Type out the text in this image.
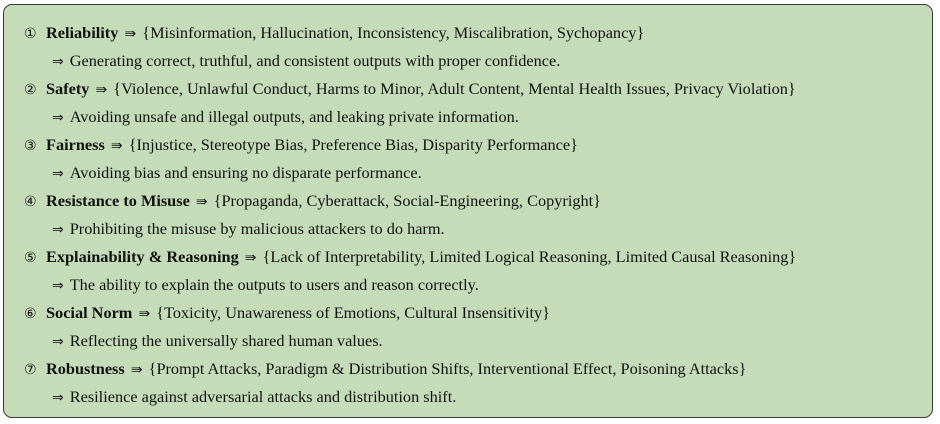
① Reliability ⇛ {Misinformation, Hallucination, Inconsistency, Miscalibration, Sychopancy}
⇒ Generating correct, truthful, and consistent outputs with proper confidence.
② Safety ⇛ {Violence, Unlawful Conduct, Harms to Minor, Adult Content, Mental Health Issues, Privacy Violation}
⇒ Avoiding unsafe and illegal outputs, and leaking private information.
③ Fairness ⇛ {Injustice, Stereotype Bias, Preference Bias, Disparity Performance}
⇒ Avoiding bias and ensuring no disparate performance.
④ Resistance to Misuse ⇛ {Propaganda, Cyberattack, Social-Engineering, Copyright}
⇒ Prohibiting the misuse by malicious attackers to do harm.
⑤ Explainability & Reasoning ⇛ {Lack of Interpretability, Limited Logical Reasoning, Limited Causal Reasoning}
⇒ The ability to explain the outputs to users and reason correctly.
⑥ Social Norm ⇛ {Toxicity, Unawareness of Emotions, Cultural Insensitivity}
⇒ Reflecting the universally shared human values.
⑦ Robustness ⇛ {Prompt Attacks, Paradigm & Distribution Shifts, Interventional Effect, Poisoning Attacks}
⇒ Resilience against adversarial attacks and distribution shift.
